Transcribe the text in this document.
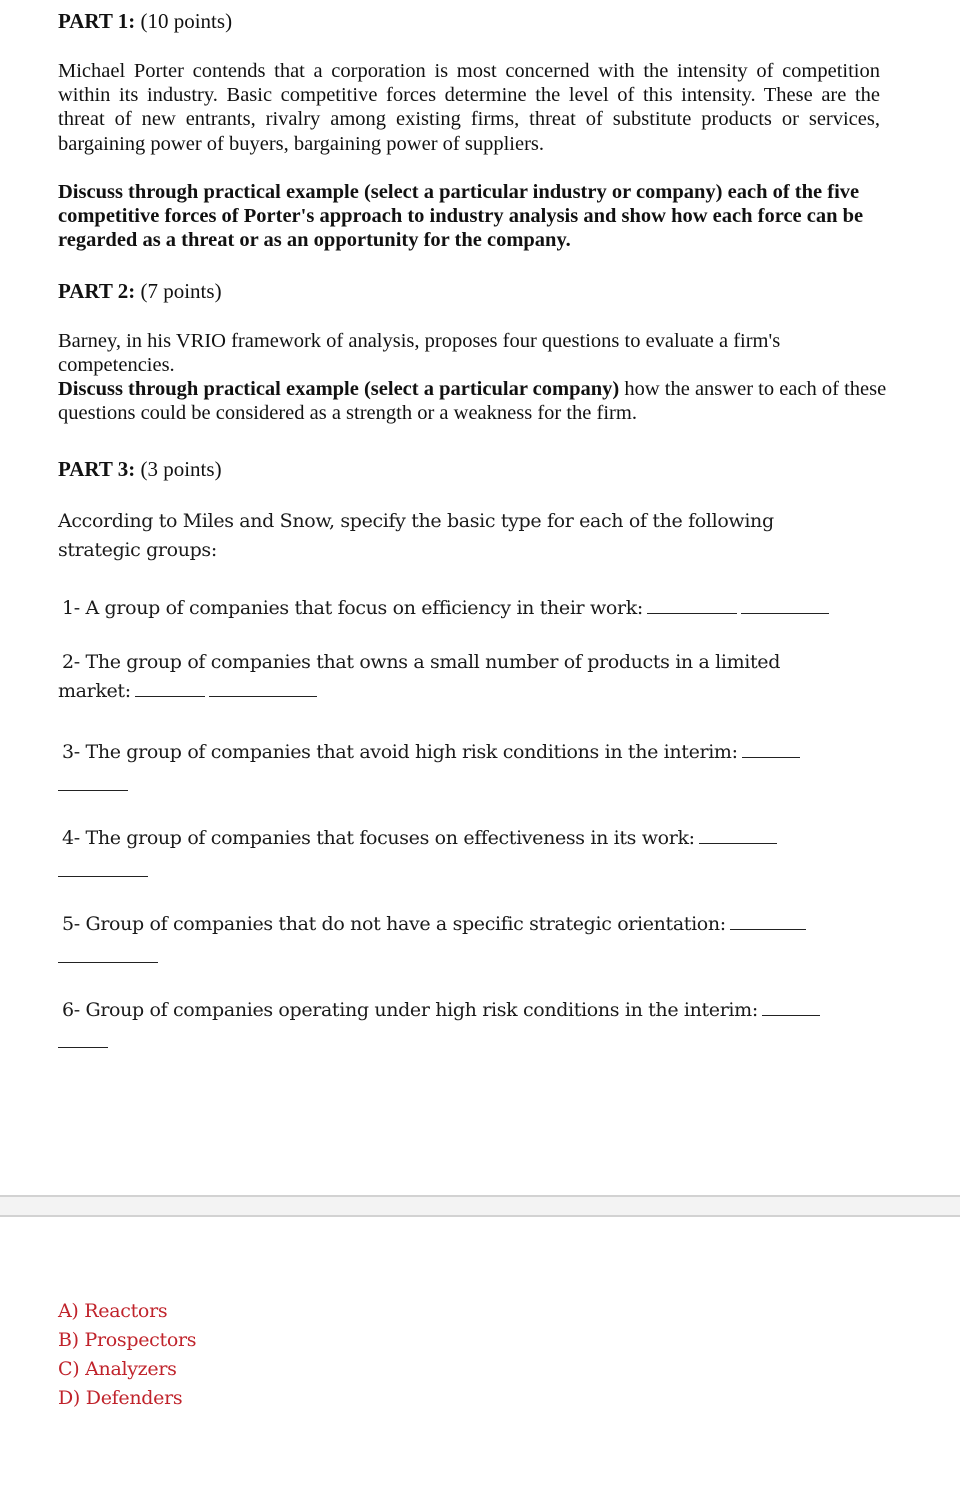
PART 1: (10 points)

Michael Porter contends that a corporation is most concerned with the intensity of competition within its industry. Basic competitive forces determine the level of this intensity. These are the threat of new entrants, rivalry among existing firms, threat of substitute products or services, bargaining power of buyers, bargaining power of suppliers.

Discuss through practical example (select a particular industry or company) each of the five competitive forces of Porter's approach to industry analysis and show how each force can be regarded as a threat or as an opportunity for the company.

PART 2: (7 points)

Barney, in his VRIO framework of analysis, proposes four questions to evaluate a firm's competencies.

Discuss through practical example (select a particular company) how the answer to each of these questions could be considered as a strength or a weakness for the firm.

PART 3: (3 points)

According to Miles and Snow, specify the basic type for each of the following strategic groups:

1- A group of companies that focus on efficiency in their work:

2- The group of companies that owns a small number of products in a limited market:

3- The group of companies that avoid high risk conditions in the interim:

4- The group of companies that focuses on effectiveness in its work:

5- Group of companies that do not have a specific strategic orientation:

6- Group of companies operating under high risk conditions in the interim:

A) Reactors
B) Prospectors
C) Analyzers
D) Defenders
